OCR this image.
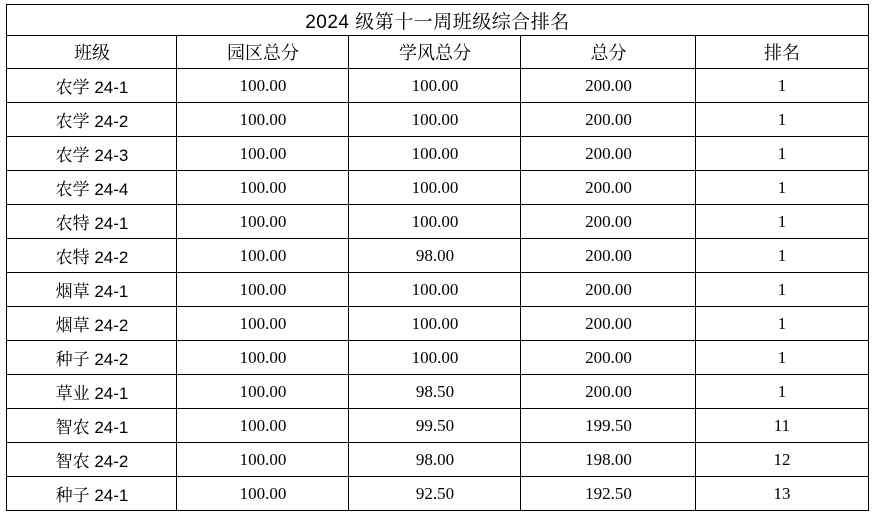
2024 级第十一周班级综合排名				
班级	园区总分	学风总分	总分	排名
农学 24-1	100.00	100.00	200.00	1
农学 24-2	100.00	100.00	200.00	1
农学 24-3	100.00	100.00	200.00	1
农学 24-4	100.00	100.00	200.00	1
农特 24-1	100.00	100.00	200.00	1
农特 24-2	100.00	98.00	200.00	1
烟草 24-1	100.00	100.00	200.00	1
烟草 24-2	100.00	100.00	200.00	1
种子 24-2	100.00	100.00	200.00	1
草业 24-1	100.00	98.50	200.00	1
智农 24-1	100.00	99.50	199.50	11
智农 24-2	100.00	98.00	198.00	12
种子 24-1	100.00	92.50	192.50	13
